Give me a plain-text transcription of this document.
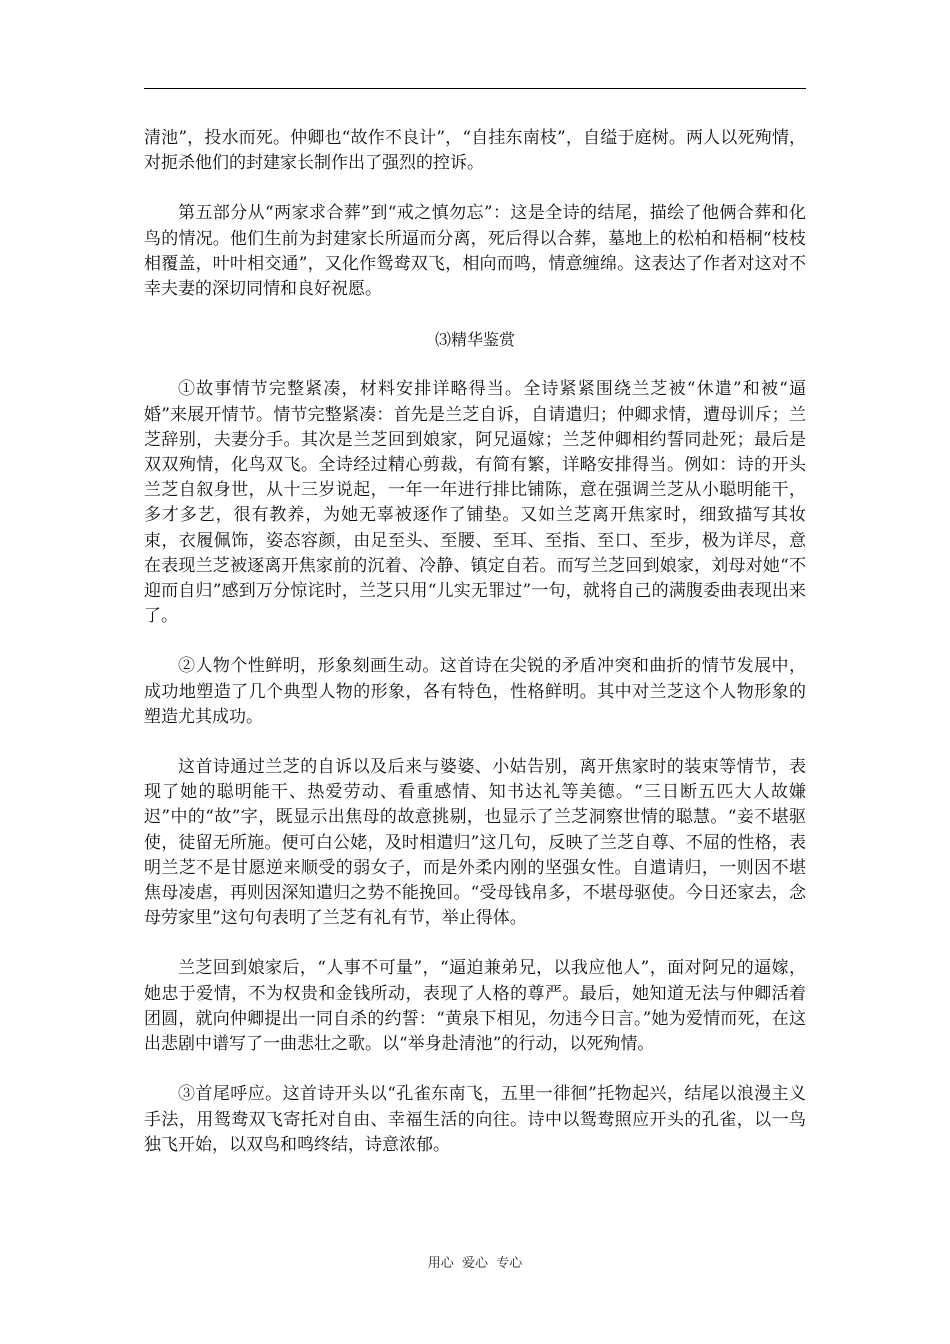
清池”，投水而死。仲卿也“故作不良计”，“自挂东南枝”，自缢于庭树。两人以死殉情，对扼杀他们的封建家长制作出了强烈的控诉。

第五部分从“两家求合葬”到“戒之慎勿忘”：这是全诗的结尾，描绘了他俩合葬和化鸟的情况。他们生前为封建家长所逼而分离，死后得以合葬，墓地上的松柏和梧桐“枝枝相覆盖，叶叶相交通”，又化作鸳鸯双飞，相向而鸣，情意缠绵。这表达了作者对这对不幸夫妻的深切同情和良好祝愿。

⑶精华鉴赏

①故事情节完整紧凑，材料安排详略得当。全诗紧紧围绕兰芝被“休遣”和被“逼婚”来展开情节。情节完整紧凑：首先是兰芝自诉，自请遣归；仲卿求情，遭母训斥；兰芝辞别，夫妻分手。其次是兰芝回到娘家，阿兄逼嫁；兰芝仲卿相约誓同赴死；最后是双双殉情，化鸟双飞。全诗经过精心剪裁，有简有繁，详略安排得当。例如：诗的开头兰芝自叙身世，从十三岁说起，一年一年进行排比铺陈，意在强调兰芝从小聪明能干，多才多艺，很有教养，为她无辜被逐作了铺垫。又如兰芝离开焦家时，细致描写其妆束，衣履佩饰，姿态容颜，由足至头、至腰、至耳、至指、至口、至步，极为详尽，意在表现兰芝被逐离开焦家前的沉着、冷静、镇定自若。而写兰芝回到娘家，刘母对她“不迎而自归”感到万分惊诧时，兰芝只用“儿实无罪过”一句，就将自己的满腹委曲表现出来了。

②人物个性鲜明，形象刻画生动。这首诗在尖锐的矛盾冲突和曲折的情节发展中，成功地塑造了几个典型人物的形象，各有特色，性格鲜明。其中对兰芝这个人物形象的塑造尤其成功。

这首诗通过兰芝的自诉以及后来与婆婆、小姑告别，离开焦家时的装束等情节，表现了她的聪明能干、热爱劳动、看重感情、知书达礼等美德。“三日断五匹大人故嫌迟”中的“故”字，既显示出焦母的故意挑剔，也显示了兰芝洞察世情的聪慧。“妾不堪驱使，徒留无所施。便可白公姥，及时相遣归”这几句，反映了兰芝自尊、不屈的性格，表明兰芝不是甘愿逆来顺受的弱女子，而是外柔内刚的坚强女性。自遣请归，一则因不堪焦母凌虐，再则因深知遣归之势不能挽回。“受母钱帛多，不堪母驱使。今日还家去，念母劳家里”这句句表明了兰芝有礼有节，举止得体。

兰芝回到娘家后，“人事不可量”，“逼迫兼弟兄，以我应他人”，面对阿兄的逼嫁，她忠于爱情，不为权贵和金钱所动，表现了人格的尊严。最后，她知道无法与仲卿活着团圆，就向仲卿提出一同自杀的约誓：“黄泉下相见，勿违今日言。”她为爱情而死，在这出悲剧中谱写了一曲悲壮之歌。以“举身赴清池”的行动，以死殉情。

③首尾呼应。这首诗开头以“孔雀东南飞，五里一徘徊”托物起兴，结尾以浪漫主义手法，用鸳鸯双飞寄托对自由、幸福生活的向往。诗中以鸳鸯照应开头的孔雀，以一鸟独飞开始，以双鸟和鸣终结，诗意浓郁。

用心  爱心  专心
